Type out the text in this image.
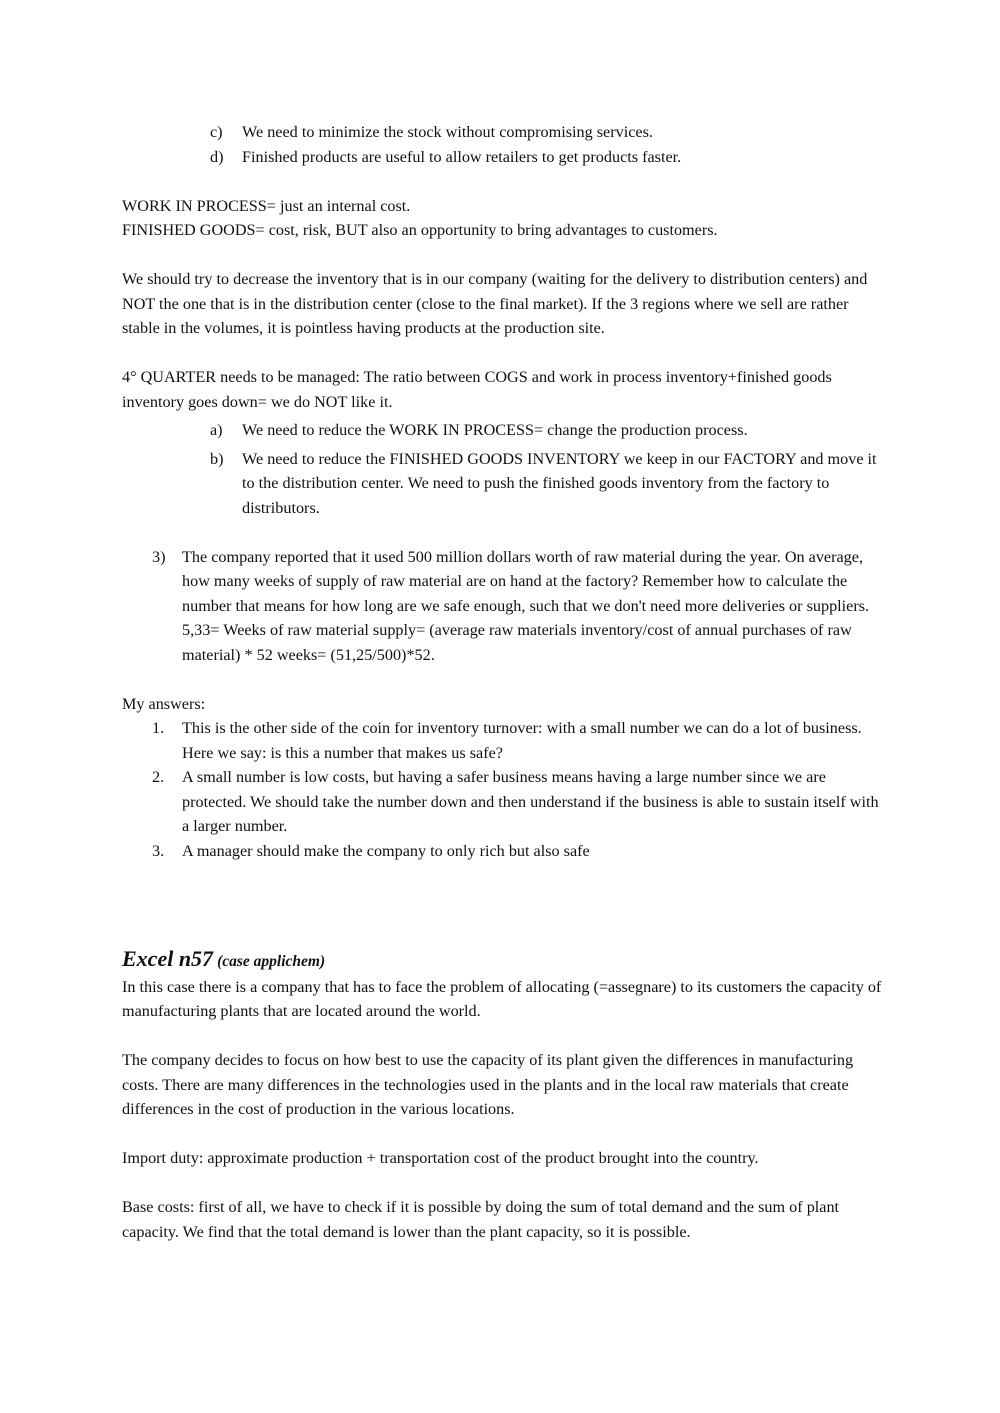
c)	We need to minimize the stock without compromising services.
d)	Finished products are useful to allow retailers to get products faster.

WORK IN PROCESS= just an internal cost.

FINISHED GOODS= cost, risk, BUT also an opportunity to bring advantages to customers.

We should try to decrease the inventory that is in our company (waiting for the delivery to distribution centers) and NOT the one that is in the distribution center (close to the final market). If the 3 regions where we sell are rather stable in the volumes, it is pointless having products at the production site.

4° QUARTER needs to be managed: The ratio between COGS and work in process inventory+finished goods inventory goes down= we do NOT like it.

a)	We need to reduce the WORK IN PROCESS= change the production process.
b)	We need to reduce the FINISHED GOODS INVENTORY we keep in our FACTORY and move it to the distribution center. We need to push the finished goods inventory from the factory to distributors.
3)	The company reported that it used 500 million dollars worth of raw material during the year. On average, how many weeks of supply of raw material are on hand at the factory? Remember how to calculate the number that means for how long are we safe enough, such that we don't need more deliveries or suppliers. 5,33= Weeks of raw material supply= (average raw materials inventory/cost of annual purchases of raw material) * 52 weeks= (51,25/500)*52.

My answers:

1.	This is the other side of the coin for inventory turnover: with a small number we can do a lot of business. Here we say: is this a number that makes us safe?
2.	A small number is low costs, but having a safer business means having a large number since we are protected. We should take the number down and then understand if the business is able to sustain itself with a larger number.
3.	A manager should make the company to only rich but also safe

Excel n57 (case applichem)

In this case there is a company that has to face the problem of allocating (=assegnare) to its customers the capacity of manufacturing plants that are located around the world.

The company decides to focus on how best to use the capacity of its plant given the differences in manufacturing costs. There are many differences in the technologies used in the plants and in the local raw materials that create differences in the cost of production in the various locations.

Import duty: approximate production + transportation cost of the product brought into the country.

Base costs: first of all, we have to check if it is possible by doing the sum of total demand and the sum of plant capacity. We find that the total demand is lower than the plant capacity, so it is possible.
